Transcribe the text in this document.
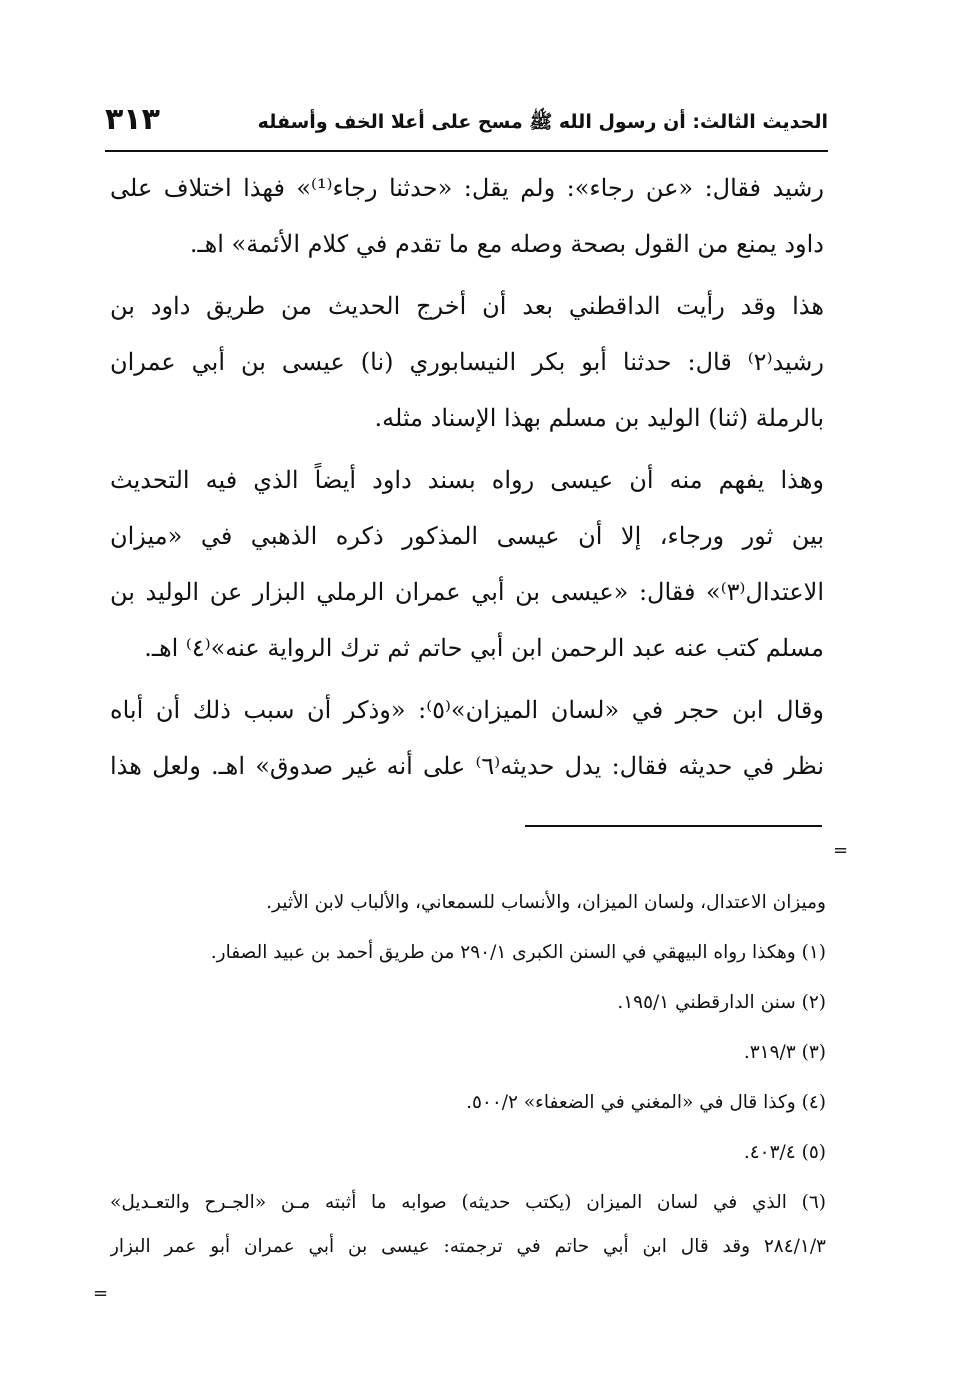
الحديث الثالث: أن رسول الله ﷺ مسح على أعلا الخف وأسفله
٣١٣
رشيد فقال: «عن رجاء»: ولم يقل: «حدثنا رجاء⁽¹⁾» فهذا اختلاف على
داود يمنع من القول بصحة وصله مع ما تقدم في كلام الأئمة» اهـ.
هذا وقد رأيت الداقطني بعد أن أخرج الحديث من طريق داود بن
رشيد⁽٢⁾ قال: حدثنا أبو بكر النيسابوري (نا) عيسى بن أبي عمران
بالرملة (ثنا) الوليد بن مسلم بهذا الإسناد مثله.
وهذا يفهم منه أن عيسى رواه بسند داود أيضاً الذي فيه التحديث
بين ثور ورجاء، إلا أن عيسى المذكور ذكره الذهبي في «ميزان
الاعتدال⁽٣⁾» فقال: «عيسى بن أبي عمران الرملي البزار عن الوليد بن
مسلم كتب عنه عبد الرحمن ابن أبي حاتم ثم ترك الرواية عنه»⁽٤⁾ اهـ.
وقال ابن حجر في «لسان الميزان»⁽٥⁾: «وذكر أن سبب ذلك أن أباه
نظر في حديثه فقال: يدل حديثه⁽٦⁾ على أنه غير صدوق» اهـ. ولعل هذا
=
وميزان الاعتدال، ولسان الميزان، والأنساب للسمعاني، والألباب لابن الأثير.
(١) وهكذا رواه البيهقي في السنن الكبرى ٢٩٠/١ من طريق أحمد بن عبيد الصفار.
(٢) سنن الدارقطني ١٩٥/١.
(٣) ٣١٩/٣.
(٤) وكذا قال في «المغني في الضعفاء» ٥٠٠/٢.
(٥) ٤٠٣/٤.
(٦) الذي في لسان الميزان (يكتب حديثه) صوابه ما أثبته مـن «الجـرح والتعـديل»
٢٨٤/١/٣ وقد قال ابن أبي حاتم في ترجمته: عيسى بن أبي عمران أبو عمر البزار
=
